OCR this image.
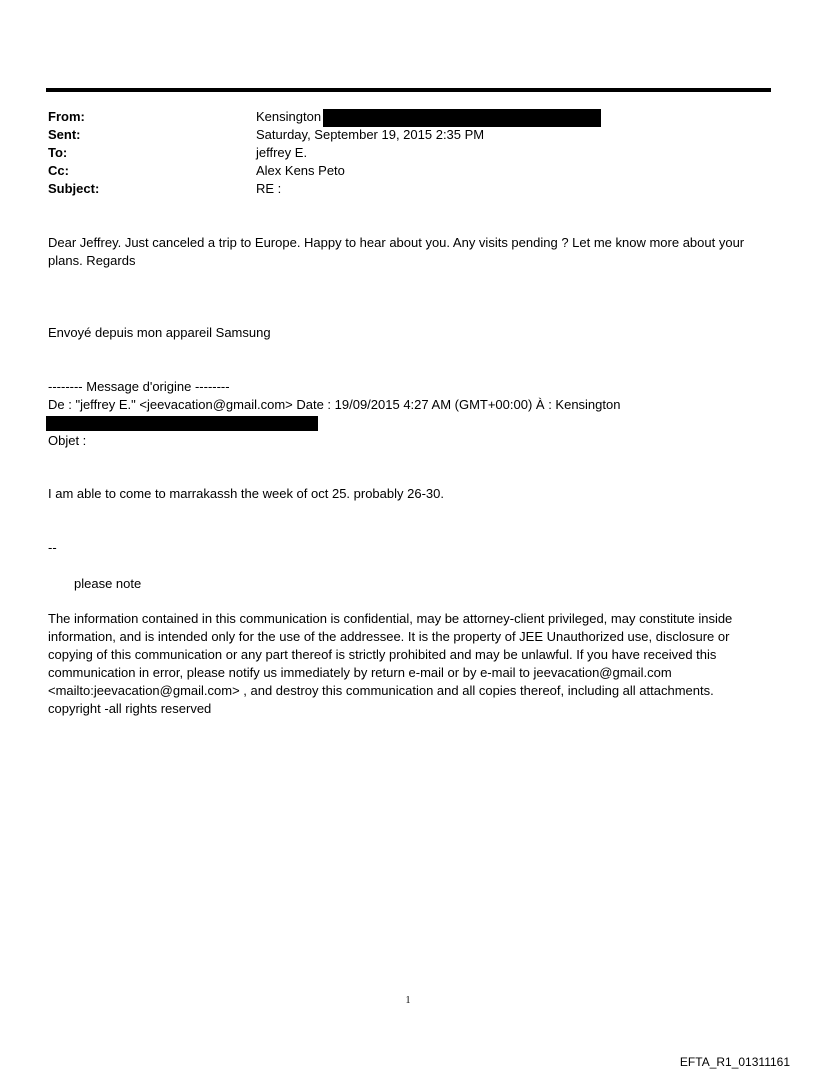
From:	Kensington
Sent:	Saturday, September 19, 2015 2:35 PM
To:	jeffrey E.
Cc:	Alex Kens Peto
Subject:	RE :
Dear Jeffrey. Just canceled a trip to Europe. Happy to hear about you. Any visits pending ? Let me know more about your plans. Regards
Envoyé depuis mon appareil Samsung
-------- Message d'origine --------
De : "jeffrey E." <jeevacation@gmail.com> Date : 19/09/2015 4:27 AM (GMT+00:00) À : Kensington
Objet :
I am able to come to marrakassh the week of oct 25. probably 26-30.
--
please note
The information contained in this communication is confidential, may be attorney-client privileged, may constitute inside information, and is intended only for the use of the addressee. It is the property of JEE Unauthorized use, disclosure or copying of this communication or any part thereof is strictly prohibited and may be unlawful. If you have received this communication in error, please notify us immediately by return e-mail or by e-mail to jeevacation@gmail.com <mailto:jeevacation@gmail.com> , and destroy this communication and all copies thereof, including all attachments. copyright -all rights reserved
1
EFTA_R1_01311161
